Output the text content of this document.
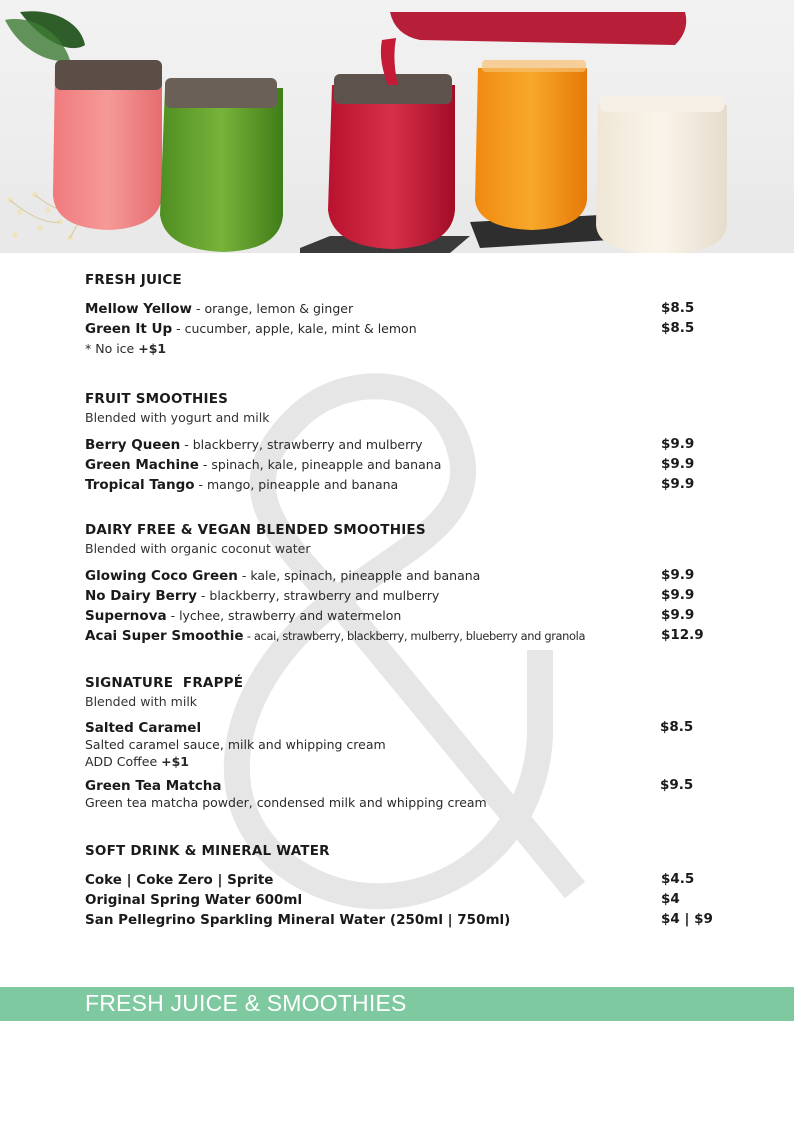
FRESH JUICE
Mellow Yellow - orange, lemon & ginger	$8.5
Green It Up - cucumber, apple, kale, mint & lemon	$8.5
* No ice +$1
FRUIT SMOOTHIES
Blended with yogurt and milk
Berry Queen - blackberry, strawberry and mulberry	$9.9
Green Machine - spinach, kale, pineapple and banana	$9.9
Tropical Tango - mango, pineapple and banana	$9.9
DAIRY FREE & VEGAN BLENDED SMOOTHIES
Blended with organic coconut water
Glowing Coco Green - kale, spinach, pineapple and banana	$9.9
No Dairy Berry - blackberry, strawberry and mulberry	$9.9
Supernova - lychee, strawberry and watermelon	$9.9
Acai Super Smoothie - acai, strawberry, blackberry, mulberry, blueberry and granola	$12.9
SIGNATURE  FRAPPÉ
Blended with milk
Salted Caramel	$8.5
Salted caramel sauce, milk and whipping cream
ADD Coffee +$1
Green Tea Matcha	$9.5
Green tea matcha powder, condensed milk and whipping cream
SOFT DRINK & MINERAL WATER
Coke | Coke Zero | Sprite	$4.5
Original Spring Water 600ml	$4
San Pellegrino Sparkling Mineral Water (250ml | 750ml)	$4 | $9
FRESH JUICE & SMOOTHIES
